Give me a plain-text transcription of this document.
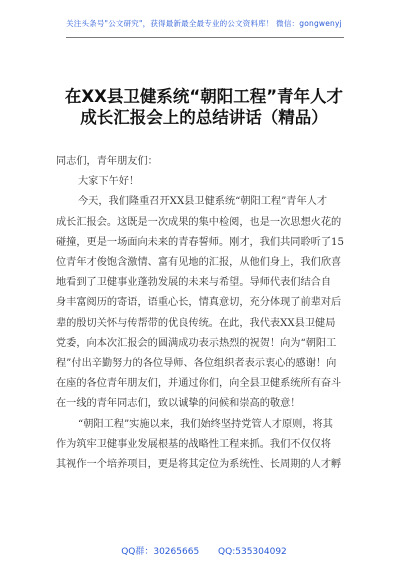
关注头条号"公文研究"，获得最新最全最专业的公文资料库！ 微信：gongwenyj
在XX县卫健系统“朝阳工程”青年人才
成长汇报会上的总结讲话（精品）

同志们，青年朋友们：

大家下午好！

今天，我们隆重召开XX县卫健系统“朝阳工程”青年人才
成长汇报会。这既是一次成果的集中检阅，也是一次思想火花的
碰撞，更是一场面向未来的青春誓师。刚才，我们共同聆听了15
位青年才俊饱含激情、富有见地的汇报，从他们身上，我们欣喜
地看到了卫健事业蓬勃发展的未来与希望。导师代表们结合自
身丰富阅历的寄语，语重心长，情真意切，充分体现了前辈对后
辈的殷切关怀与传帮带的优良传统。在此，我代表XX县卫健局
党委，向本次汇报会的圆满成功表示热烈的祝贺！向为“朝阳工
程”付出辛勤努力的各位导师、各位组织者表示衷心的感谢！向
在座的各位青年朋友们，并通过你们，向全县卫健系统所有奋斗
在一线的青年同志们，致以诚挚的问候和崇高的敬意！

“朝阳工程”实施以来，我们始终坚持党管人才原则，将其
作为筑牢卫健事业发展根基的战略性工程来抓。我们不仅仅将
其视作一个培养项目，更是将其定位为系统性、长周期的人才孵

QQ群：30265665 QQ:535304092
